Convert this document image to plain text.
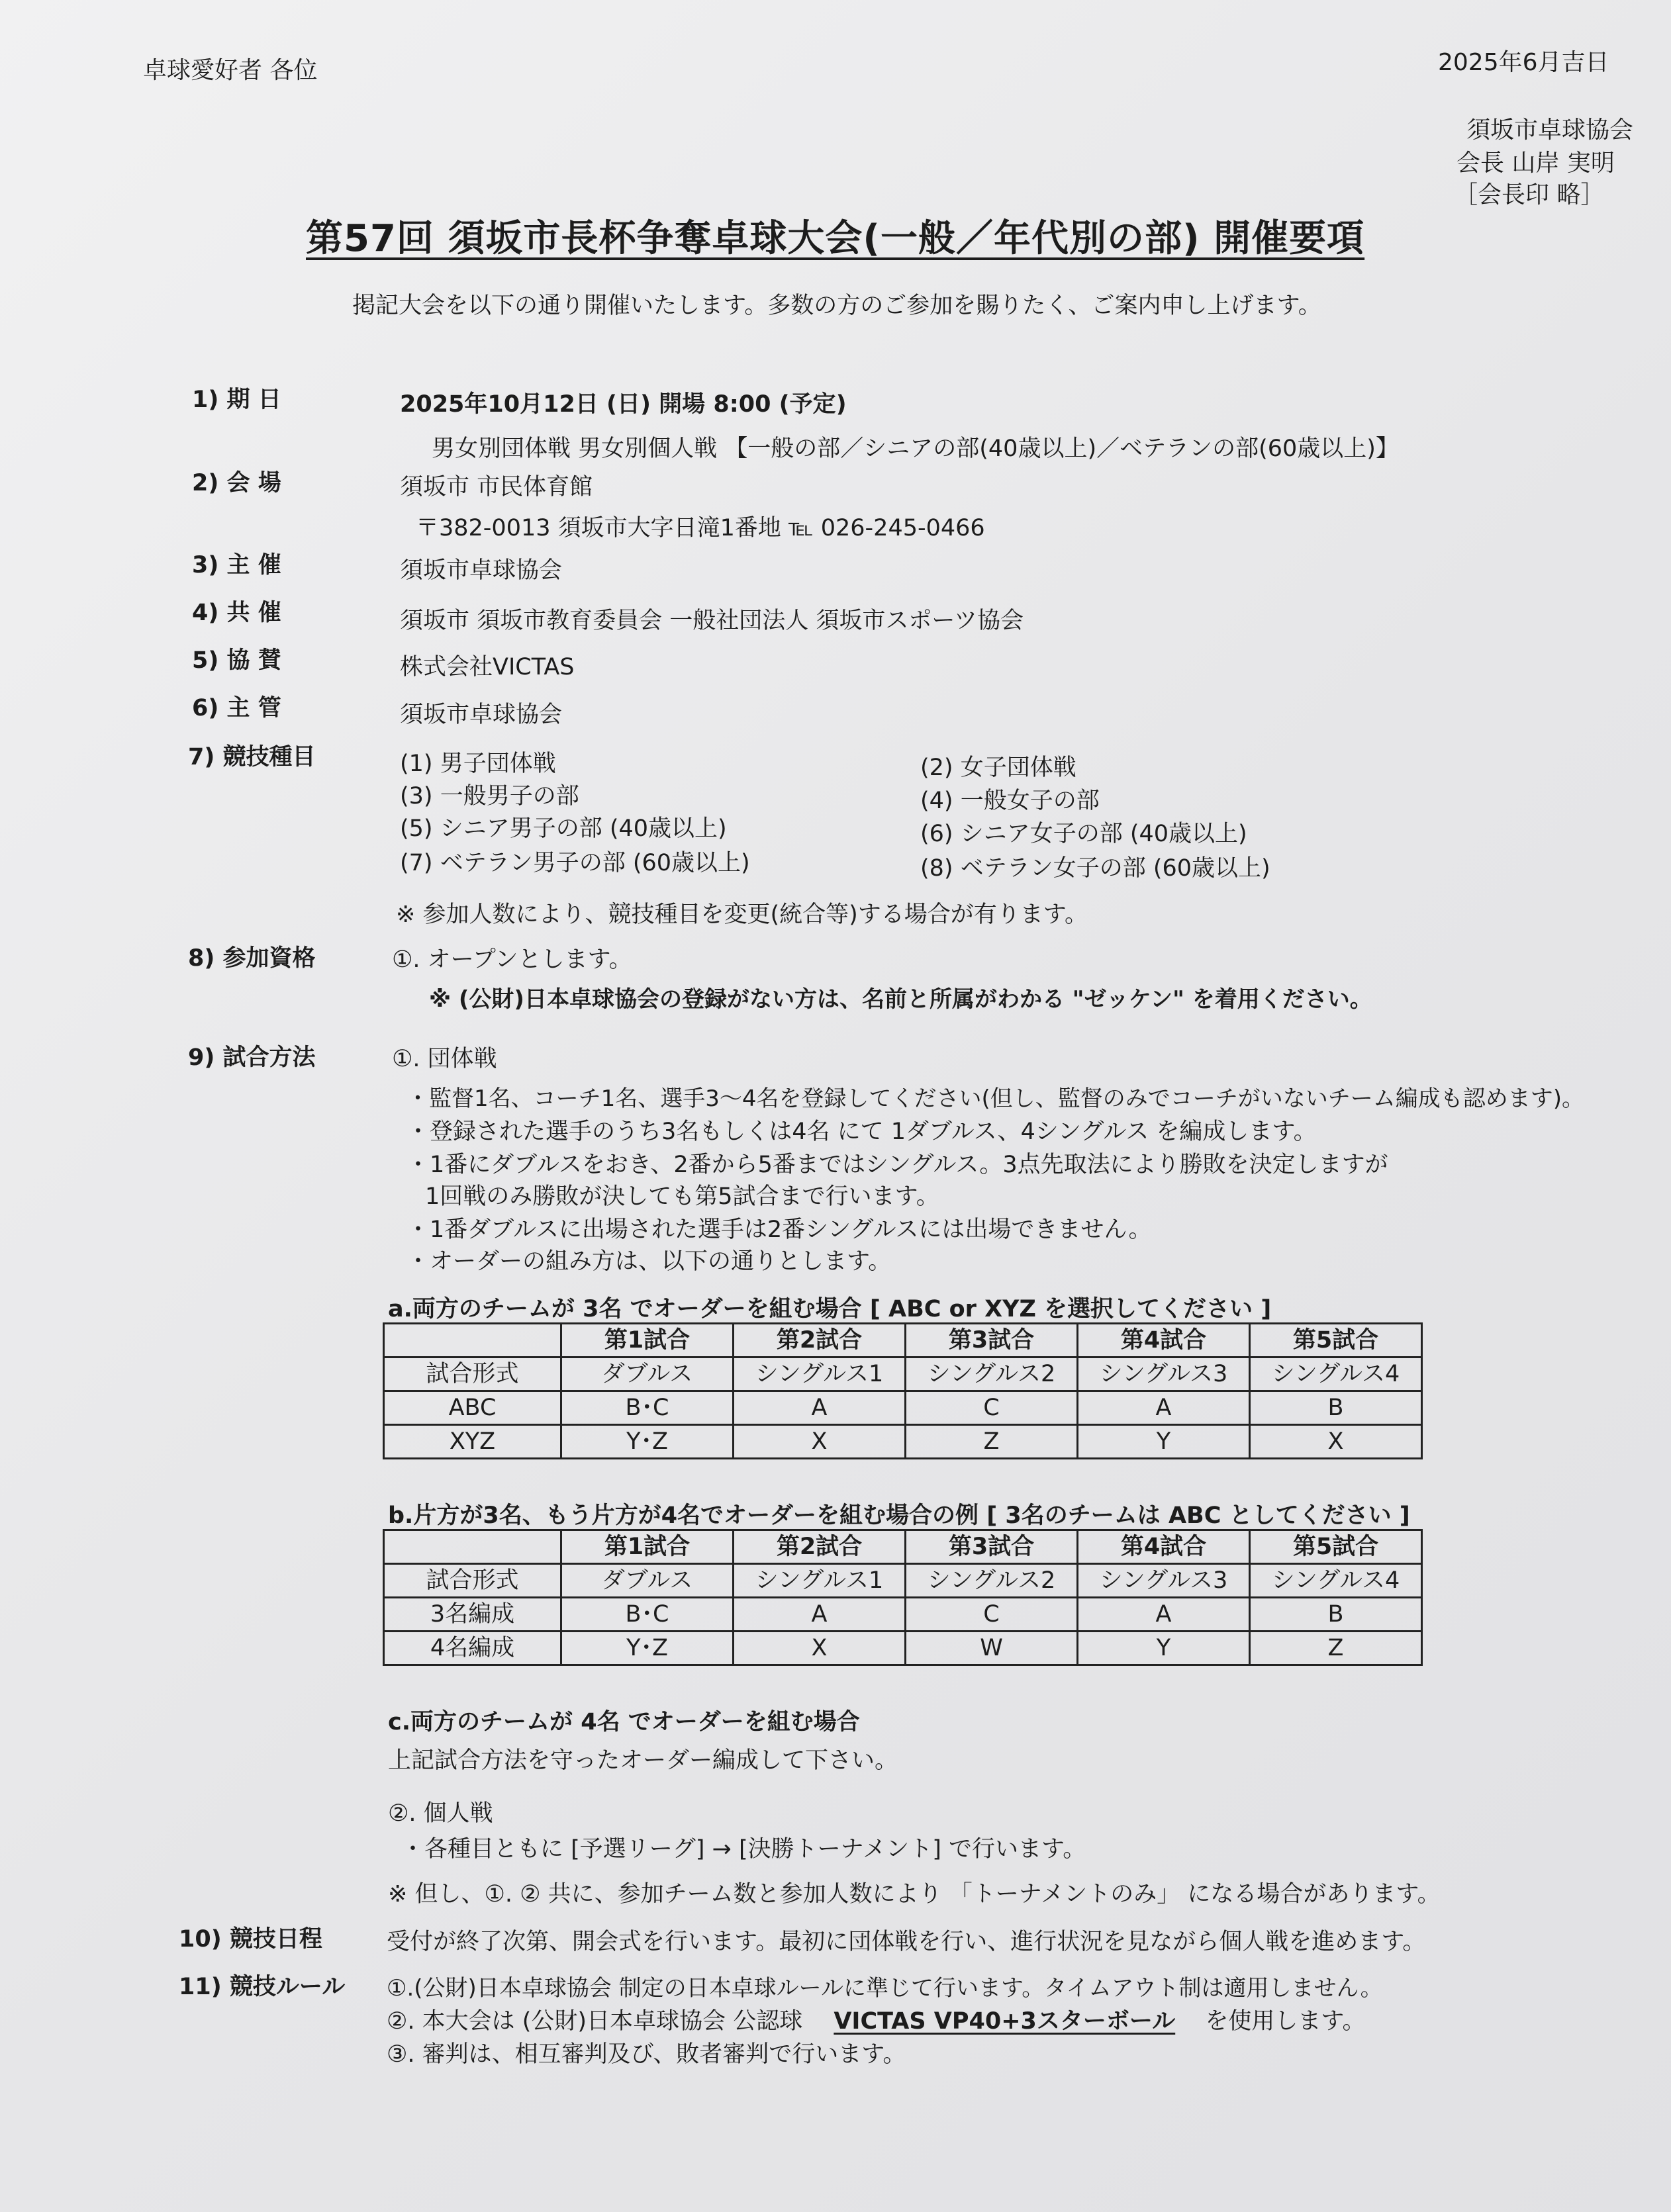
卓球愛好者 各位	2025年6月吉日
須坂市卓球協会
会長 山岸 実明
［会長印 略］
第57回 須坂市長杯争奪卓球大会(一般／年代別の部) 開催要項
掲記大会を以下の通り開催いたします。多数の方のご参加を賜りたく、ご案内申し上げます。
1) 期 日	2025年10月12日 (日) 開場 8:00 (予定)
男女別団体戦 男女別個人戦 【一般の部／シニアの部(40歳以上)／ベテランの部(60歳以上)】
2) 会 場	須坂市 市民体育館
〒382-0013 須坂市大字日滝1番地 ℡ 026-245-0466
3) 主 催	須坂市卓球協会
4) 共 催	須坂市 須坂市教育委員会 一般社団法人 須坂市スポーツ協会
5) 協 賛	株式会社VICTAS
6) 主 管	須坂市卓球協会
7) 競技種目	(1) 男子団体戦
(3) 一般男子の部
(5) シニア男子の部 (40歳以上)
(7) ベテラン男子の部 (60歳以上)
(2) 女子団体戦
(4) 一般女子の部
(6) シニア女子の部 (40歳以上)
(8) ベテラン女子の部 (60歳以上)
※ 参加人数により、競技種目を変更(統合等)する場合が有ります。
8) 参加資格	①. オープンとします。
※ (公財)日本卓球協会の登録がない方は、名前と所属がわかる "ゼッケン" を着用ください。
9) 試合方法	①. 団体戦
・監督1名、コーチ1名、選手3～4名を登録してください(但し、監督のみでコーチがいないチーム編成も認めます)。
・登録された選手のうち3名もしくは4名 にて 1ダブルス、4シングルス を編成します。
・1番にダブルスをおき、2番から5番まではシングルス。3点先取法により勝敗を決定しますが
1回戦のみ勝敗が決しても第5試合まで行います。
・1番ダブルスに出場された選手は2番シングルスには出場できません。
・オーダーの組み方は、以下の通りとします。
a.両方のチームが 3名 でオーダーを組む場合 [ ABC or XYZ を選択してください ]
	第1試合	第2試合	第3試合	第4試合	第5試合
試合形式	ダブルス	シングルス1	シングルス2	シングルス3	シングルス4
ABC	B･C	A	C	A	B
XYZ	Y･Z	X	Z	Y	X
b.片方が3名、もう片方が4名でオーダーを組む場合の例 [ 3名のチームは ABC としてください ]
	第1試合	第2試合	第3試合	第4試合	第5試合
試合形式	ダブルス	シングルス1	シングルス2	シングルス3	シングルス4
3名編成	B･C	A	C	A	B
4名編成	Y･Z	X	W	Y	Z
c.両方のチームが 4名 でオーダーを組む場合
上記試合方法を守ったオーダー編成して下さい。
②. 個人戦
・各種目ともに [予選リーグ] → [決勝トーナメント] で行います。
※ 但し、①. ② 共に、参加チーム数と参加人数により 「トーナメントのみ」 になる場合があります。
10) 競技日程	受付が終了次第、開会式を行います。最初に団体戦を行い、進行状況を見ながら個人戦を進めます。
11) 競技ルール ①.(公財)日本卓球協会 制定の日本卓球ルールに準じて行います。タイムアウト制は適用しません。
②. 本大会は (公財)日本卓球協会 公認球 VICTAS VP40+3スターボール を使用します。
③. 審判は、相互審判及び、敗者審判で行います。
